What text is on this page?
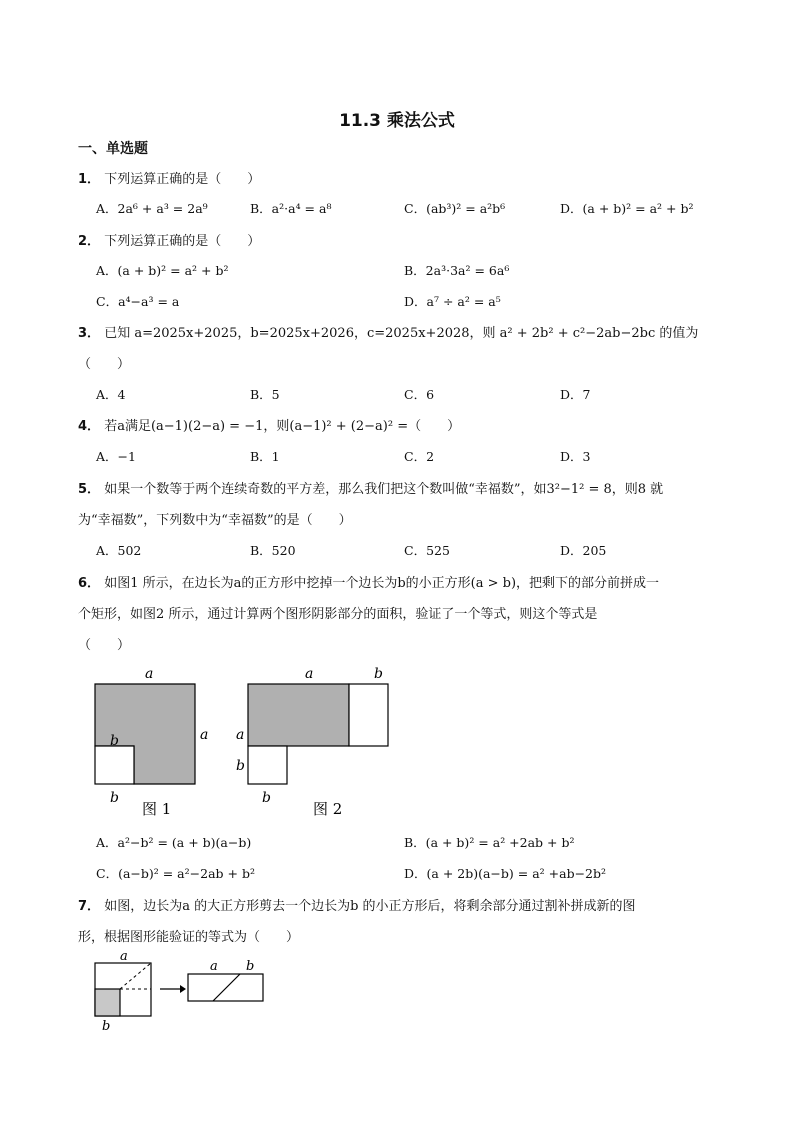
11.3 乘法公式
一、单选题
1． 下列运算正确的是（　　）
A．2a⁶ + a³ = 2a⁹	B．a²·a⁴ = a⁸	C．(ab³)² = a²b⁶	D．(a + b)² = a² + b²
2． 下列运算正确的是（　　）
A．(a + b)² = a² + b²	B．2a³·3a² = 6a⁶
C．a⁴−a³ = a	D．a⁷ ÷ a² = a⁵
3． 已知 a=2025x+2025，b=2025x+2026，c=2025x+2028，则 a² + 2b² + c²−2ab−2bc 的值为
（　　）
A．4	B．5	C．6	D．7
4． 若a满足(a−1)(2−a) = −1，则(a−1)² + (2−a)² =（　　）
A．−1	B．1	C．2	D．3
5． 如果一个数等于两个连续奇数的平方差，那么我们把这个数叫做“幸福数”，如3²−1² = 8，则8 就
为“幸福数”，下列数中为“幸福数”的是（　　）
A．502	B．520	C．525	D．205
6． 如图1 所示，在边长为a的正方形中挖掉一个边长为b的小正方形(a > b)，把剩下的部分前拼成一
个矩形，如图2 所示，通过计算两个图形阴影部分的面积，验证了一个等式，则这个等式是
（　　）
a
a
b
b
图 1
a	b
a
b
b
图 2
a
b
a b
A．a²−b² = (a + b)(a−b)	B．(a + b)² = a² +2ab + b²
C．(a−b)² = a²−2ab + b²	D．(a + 2b)(a−b) = a² +ab−2b²
7． 如图，边长为a 的大正方形剪去一个边长为b 的小正方形后，将剩余部分通过割补拼成新的图
形，根据图形能验证的等式为（　　）
